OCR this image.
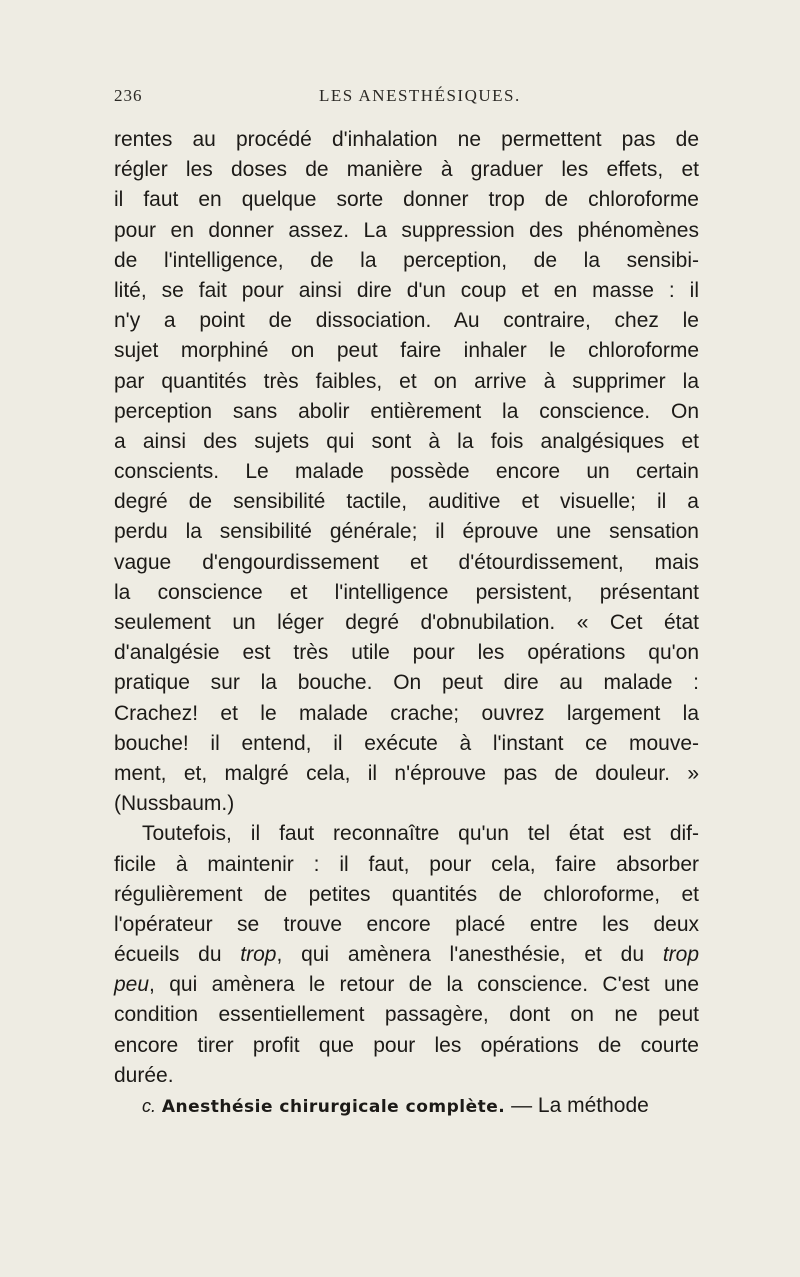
236	LES ANESTHÉSIQUES.
rentes au procédé d'inhalation ne permettent pas de
régler les doses de manière à graduer les effets, et
il faut en quelque sorte donner trop de chloroforme
pour en donner assez. La suppression des phénomènes
de l'intelligence, de la perception, de la sensibi-
lité, se fait pour ainsi dire d'un coup et en masse : il
n'y a point de dissociation. Au contraire, chez le
sujet morphiné on peut faire inhaler le chloroforme
par quantités très faibles, et on arrive à supprimer la
perception sans abolir entièrement la conscience. On
a ainsi des sujets qui sont à la fois analgésiques et
conscients. Le malade possède encore un certain
degré de sensibilité tactile, auditive et visuelle; il a
perdu la sensibilité générale; il éprouve une sensation
vague d'engourdissement et d'étourdissement, mais
la conscience et l'intelligence persistent, présentant
seulement un léger degré d'obnubilation. « Cet état
d'analgésie est très utile pour les opérations qu'on
pratique sur la bouche. On peut dire au malade :
Crachez! et le malade crache; ouvrez largement la
bouche! il entend, il exécute à l'instant ce mouve-
ment, et, malgré cela, il n'éprouve pas de douleur. »
(Nussbaum.)
Toutefois, il faut reconnaître qu'un tel état est dif-
ficile à maintenir : il faut, pour cela, faire absorber
régulièrement de petites quantités de chloroforme, et
l'opérateur se trouve encore placé entre les deux
écueils du trop, qui amènera l'anesthésie, et du trop
peu, qui amènera le retour de la conscience. C'est une
condition essentiellement passagère, dont on ne peut
encore tirer profit que pour les opérations de courte
durée.
c. Anesthésie chirurgicale complète. — La méthode
